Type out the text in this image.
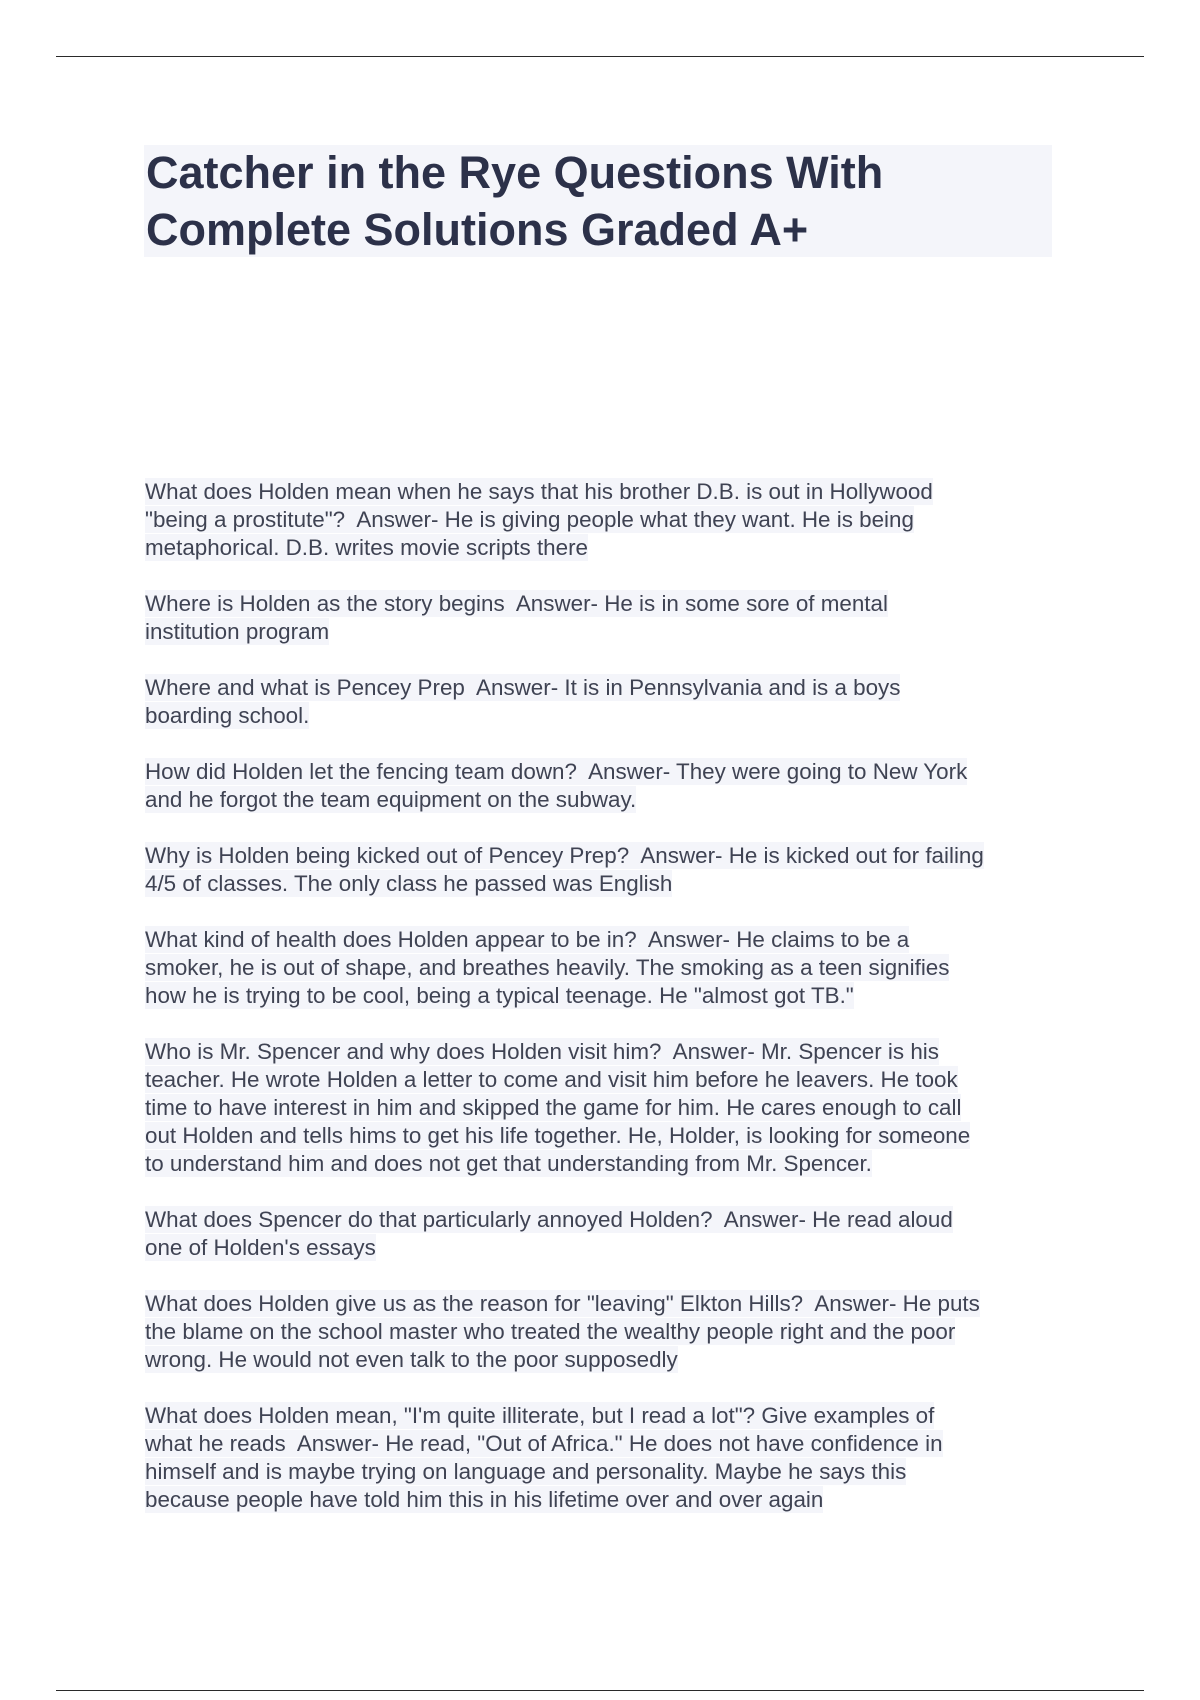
Catcher in the Rye Questions With
Complete Solutions Graded A+

What does Holden mean when he says that his brother D.B. is out in Hollywood

"being a prostitute"?  Answer- He is giving people what they want. He is being

metaphorical. D.B. writes movie scripts there

Where is Holden as the story begins  Answer- He is in some sore of mental

institution program

Where and what is Pencey Prep  Answer- It is in Pennsylvania and is a boys

boarding school.

How did Holden let the fencing team down?  Answer- They were going to New York

and he forgot the team equipment on the subway.

Why is Holden being kicked out of Pencey Prep?  Answer- He is kicked out for failing

4/5 of classes. The only class he passed was English

What kind of health does Holden appear to be in?  Answer- He claims to be a

smoker, he is out of shape, and breathes heavily. The smoking as a teen signifies

how he is trying to be cool, being a typical teenage. He "almost got TB."

Who is Mr. Spencer and why does Holden visit him?  Answer- Mr. Spencer is his

teacher. He wrote Holden a letter to come and visit him before he leavers. He took

time to have interest in him and skipped the game for him. He cares enough to call

out Holden and tells hims to get his life together. He, Holder, is looking for someone

to understand him and does not get that understanding from Mr. Spencer.

What does Spencer do that particularly annoyed Holden?  Answer- He read aloud

one of Holden's essays

What does Holden give us as the reason for "leaving" Elkton Hills?  Answer- He puts

the blame on the school master who treated the wealthy people right and the poor

wrong. He would not even talk to the poor supposedly

What does Holden mean, "I'm quite illiterate, but I read a lot"? Give examples of

what he reads  Answer- He read, "Out of Africa." He does not have confidence in

himself and is maybe trying on language and personality. Maybe he says this

because people have told him this in his lifetime over and over again
